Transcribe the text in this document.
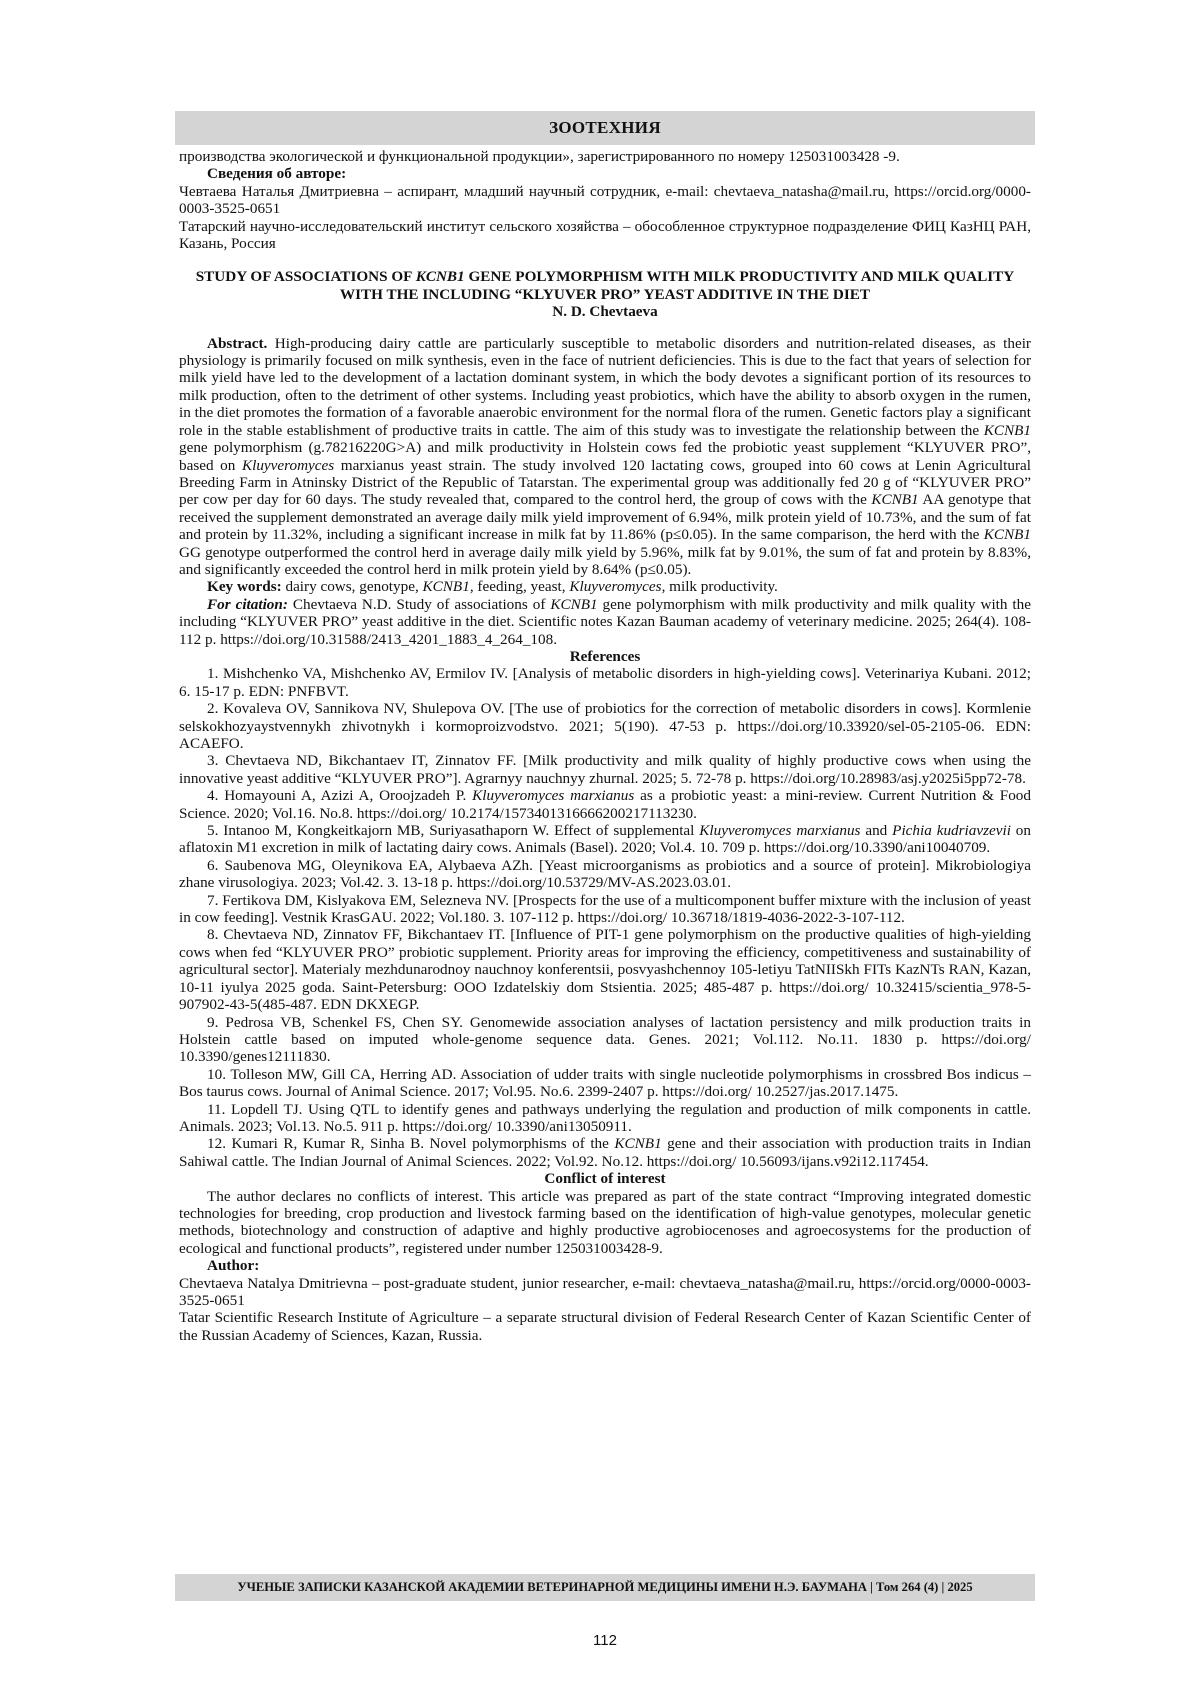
ЗООТЕХНИЯ

производства экологической и функциональной продукции», зарегистрированного по номеру 125031003428 -9.

Сведения об авторе:

Чевтаева Наталья Дмитриевна – аспирант, младший научный сотрудник, e-mail: chevtaeva_natasha@mail.ru, https://orcid.org/0000-0003-3525-0651

Татарский научно-исследовательский институт сельского хозяйства – обособленное структурное подразделение ФИЦ КазНЦ РАН, Казань, Россия

STUDY OF ASSOCIATIONS OF KCNB1 GENE POLYMORPHISM WITH MILK PRODUCTIVITY AND MILK QUALITY WITH THE INCLUDING “KLYUVER PRO” YEAST ADDITIVE IN THE DIET

N. D. Chevtaeva

Abstract. High-producing dairy cattle are particularly susceptible to metabolic disorders and nutrition-related diseases, as their physiology is primarily focused on milk synthesis, even in the face of nutrient deficiencies. This is due to the fact that years of selection for milk yield have led to the development of a lactation dominant system, in which the body devotes a significant portion of its resources to milk production, often to the detriment of other systems. Including yeast probiotics, which have the ability to absorb oxygen in the rumen, in the diet promotes the formation of a favorable anaerobic environment for the normal flora of the rumen. Genetic factors play a significant role in the stable establishment of productive traits in cattle. The aim of this study was to investigate the relationship between the KCNB1 gene polymorphism (g.78216220G>A) and milk productivity in Holstein cows fed the probiotic yeast supplement “KLYUVER PRO”, based on Kluyveromyces marxianus yeast strain. The study involved 120 lactating cows, grouped into 60 cows at Lenin Agricultural Breeding Farm in Atninsky District of the Republic of Tatarstan. The experimental group was additionally fed 20 g of “KLYUVER PRO” per cow per day for 60 days. The study revealed that, compared to the control herd, the group of cows with the KCNB1 AA genotype that received the supplement demonstrated an average daily milk yield improvement of 6.94%, milk protein yield of 10.73%, and the sum of fat and protein by 11.32%, including a significant increase in milk fat by 11.86% (p≤0.05). In the same comparison, the herd with the KCNB1 GG genotype outperformed the control herd in average daily milk yield by 5.96%, milk fat by 9.01%, the sum of fat and protein by 8.83%, and significantly exceeded the control herd in milk protein yield by 8.64% (p≤0.05).

Key words: dairy cows, genotype, KCNB1, feeding, yeast, Kluyveromyces, milk productivity.

For citation: Chevtaeva N.D. Study of associations of KCNB1 gene polymorphism with milk productivity and milk quality with the including “KLYUVER PRO” yeast additive in the diet. Scientific notes Kazan Bauman academy of veterinary medicine. 2025; 264(4). 108-112 p. https://doi.org/10.31588/2413_4201_1883_4_264_108.

References

1. Mishchenko VA, Mishchenko AV, Ermilov IV. [Analysis of metabolic disorders in high-yielding cows]. Veterinariya Kubani. 2012; 6. 15-17 p. EDN: PNFBVT.

2. Kovaleva OV, Sannikova NV, Shulepova OV. [The use of probiotics for the correction of metabolic disorders in cows]. Kormlenie selskokhozyaystvennykh zhivotnykh i kormoproizvodstvo. 2021; 5(190). 47-53 p. https://doi.org/10.33920/sel-05-2105-06. EDN: ACAEFO.

3. Chevtaeva ND, Bikchantaev IT, Zinnatov FF. [Milk productivity and milk quality of highly productive cows when using the innovative yeast additive “KLYUVER PRO”]. Agrarnyy nauchnyy zhurnal. 2025; 5. 72-78 p. https://doi.org/10.28983/asj.y2025i5pp72-78.

4. Homayouni A, Azizi A, Oroojzadeh P. Kluyveromyces marxianus as a probiotic yeast: a mini-review. Current Nutrition & Food Science. 2020; Vol.16. No.8. https://doi.org/ 10.2174/1573401316666200217113230.

5. Intanoo M, Kongkeitkajorn MB, Suriyasathaporn W. Effect of supplemental Kluyveromyces marxianus and Pichia kudriavzevii on aflatoxin M1 excretion in milk of lactating dairy cows. Animals (Basel). 2020; Vol.4. 10. 709 p. https://doi.org/10.3390/ani10040709.

6. Saubenova MG, Oleynikova EA, Alybaeva AZh. [Yeast microorganisms as probiotics and a source of protein]. Mikrobiologiya zhane virusologiya. 2023; Vol.42. 3. 13-18 p. https://doi.org/10.53729/MV-AS.2023.03.01.

7. Fertikova DM, Kislyakova EM, Selezneva NV. [Prospects for the use of a multicomponent buffer mixture with the inclusion of yeast in cow feeding]. Vestnik KrasGAU. 2022; Vol.180. 3. 107-112 p. https://doi.org/ 10.36718/1819-4036-2022-3-107-112.

8. Chevtaeva ND, Zinnatov FF, Bikchantaev IT. [Influence of PIT-1 gene polymorphism on the productive qualities of high-yielding cows when fed “KLYUVER PRO” probiotic supplement. Priority areas for improving the efficiency, competitiveness and sustainability of agricultural sector]. Materialy mezhdunarodnoy nauchnoy konferentsii, posvyashchennoy 105-letiyu TatNIISkh FITs KazNTs RAN, Kazan, 10-11 iyulya 2025 goda. Saint-Petersburg: OOO Izdatelskiy dom Stsientia. 2025; 485-487 p. https://doi.org/ 10.32415/scientia_978-5-907902-43-5(485-487. EDN DKXEGP.

9. Pedrosa VB, Schenkel FS, Chen SY. Genomewide association analyses of lactation persistency and milk production traits in Holstein cattle based on imputed whole-genome sequence data. Genes. 2021; Vol.112. No.11. 1830 p. https://doi.org/ 10.3390/genes12111830.

10. Tolleson MW, Gill CA, Herring AD. Association of udder traits with single nucleotide polymorphisms in crossbred Bos indicus – Bos taurus cows. Journal of Animal Science. 2017; Vol.95. No.6. 2399-2407 p. https://doi.org/ 10.2527/jas.2017.1475.

11. Lopdell TJ. Using QTL to identify genes and pathways underlying the regulation and production of milk components in cattle. Animals. 2023; Vol.13. No.5. 911 p. https://doi.org/ 10.3390/ani13050911.

12. Kumari R, Kumar R, Sinha B. Novel polymorphisms of the KCNB1 gene and their association with production traits in Indian Sahiwal cattle. The Indian Journal of Animal Sciences. 2022; Vol.92. No.12. https://doi.org/ 10.56093/ijans.v92i12.117454.

Conflict of interest

The author declares no conflicts of interest. This article was prepared as part of the state contract “Improving integrated domestic technologies for breeding, crop production and livestock farming based on the identification of high-value genotypes, molecular genetic methods, biotechnology and construction of adaptive and highly productive agrobiocenoses and agroecosystems for the production of ecological and functional products”, registered under number 125031003428-9.

Author:

Chevtaeva Natalya Dmitrievna – post-graduate student, junior researcher, e-mail: chevtaeva_natasha@mail.ru, https://orcid.org/0000-0003-3525-0651

Tatar Scientific Research Institute of Agriculture – a separate structural division of Federal Research Center of Kazan Scientific Center of the Russian Academy of Sciences, Kazan, Russia.

УЧЕНЫЕ ЗАПИСКИ КАЗАНСКОЙ АКАДЕМИИ ВЕТЕРИНАРНОЙ МЕДИЦИНЫ ИМЕНИ Н.Э. БАУМАНА | Том 264 (4) | 2025
112
